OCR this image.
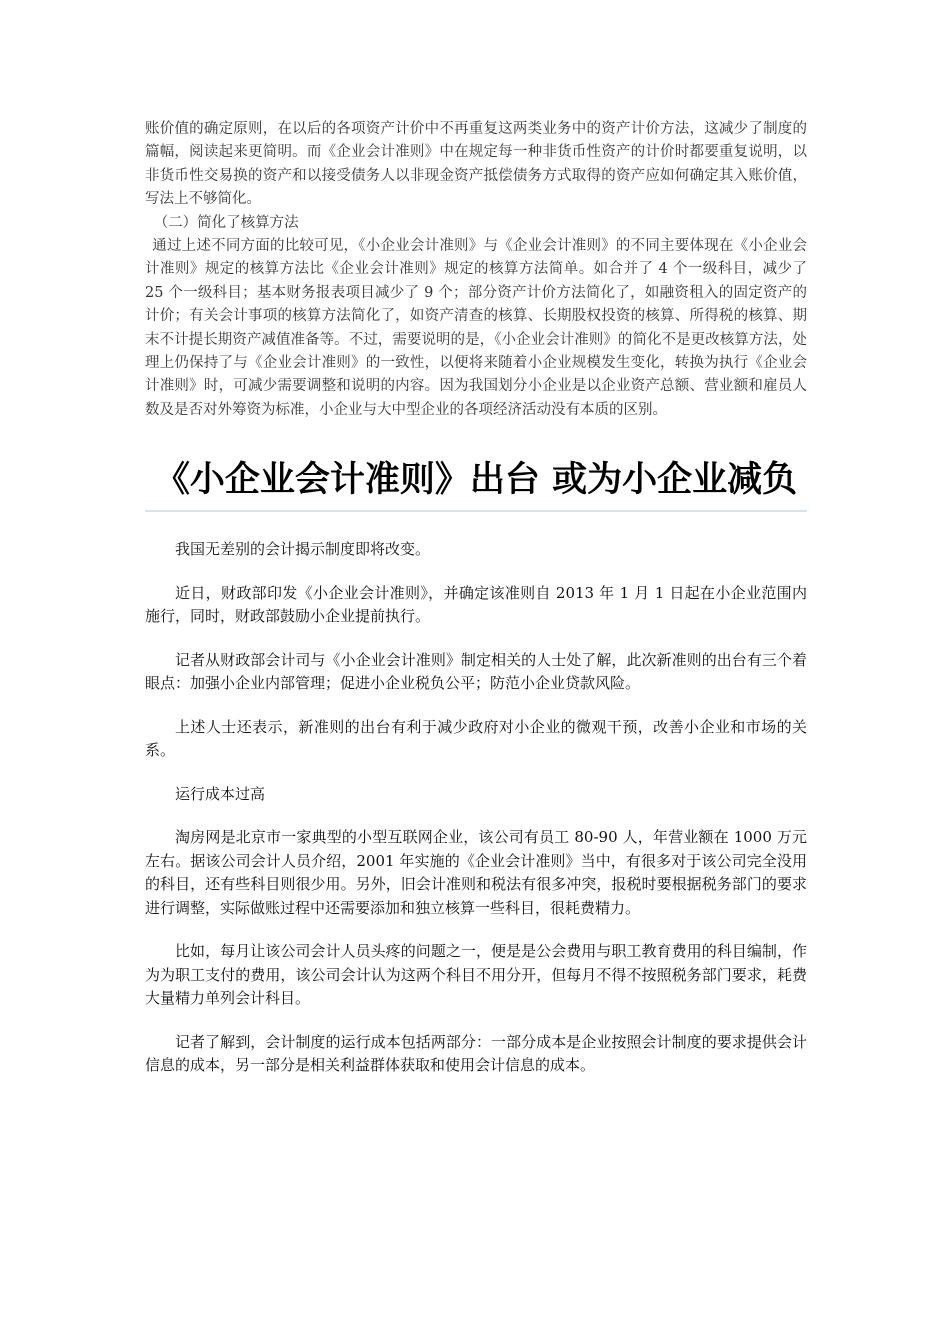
账价值的确定原则，在以后的各项资产计价中不再重复这两类业务中的资产计价方法，这减少了制度的篇幅，阅读起来更简明。而《企业会计准则》中在规定每一种非货币性资产的计价时都要重复说明，以非货币性交易换的资产和以接受债务人以非现金资产抵偿债务方式取得的资产应如何确定其入账价值，写法上不够简化。

（二）简化了核算方法

通过上述不同方面的比较可见，《小企业会计准则》与《企业会计准则》的不同主要体现在《小企业会计准则》规定的核算方法比《企业会计准则》规定的核算方法简单。如合并了 4 个一级科目，减少了 25 个一级科目；基本财务报表项目减少了 9 个；部分资产计价方法简化了，如融资租入的固定资产的计价；有关会计事项的核算方法简化了，如资产清查的核算、长期股权投资的核算、所得税的核算、期末不计提长期资产减值准备等。不过，需要说明的是，《小企业会计准则》的简化不是更改核算方法，处理上仍保持了与《企业会计准则》的一致性，以便将来随着小企业规模发生变化，转换为执行《企业会计准则》时，可减少需要调整和说明的内容。因为我国划分小企业是以企业资产总额、营业额和雇员人数及是否对外筹资为标准，小企业与大中型企业的各项经济活动没有本质的区别。

《小企业会计准则》出台 或为小企业减负

我国无差别的会计揭示制度即将改变。

近日，财政部印发《小企业会计准则》，并确定该准则自 2013 年 1 月 1 日起在小企业范围内施行，同时，财政部鼓励小企业提前执行。

记者从财政部会计司与《小企业会计准则》制定相关的人士处了解，此次新准则的出台有三个着眼点：加强小企业内部管理；促进小企业税负公平；防范小企业贷款风险。

上述人士还表示，新准则的出台有利于减少政府对小企业的微观干预，改善小企业和市场的关系。

运行成本过高

淘房网是北京市一家典型的小型互联网企业，该公司有员工 80-90 人，年营业额在 1000 万元左右。据该公司会计人员介绍，2001 年实施的《企业会计准则》当中，有很多对于该公司完全没用的科目，还有些科目则很少用。另外，旧会计准则和税法有很多冲突，报税时要根据税务部门的要求进行调整，实际做账过程中还需要添加和独立核算一些科目，很耗费精力。

比如，每月让该公司会计人员头疼的问题之一，便是是公会费用与职工教育费用的科目编制，作为为职工支付的费用，该公司会计认为这两个科目不用分开，但每月不得不按照税务部门要求，耗费大量精力单列会计科目。

记者了解到，会计制度的运行成本包括两部分：一部分成本是企业按照会计制度的要求提供会计信息的成本，另一部分是相关利益群体获取和使用会计信息的成本。
